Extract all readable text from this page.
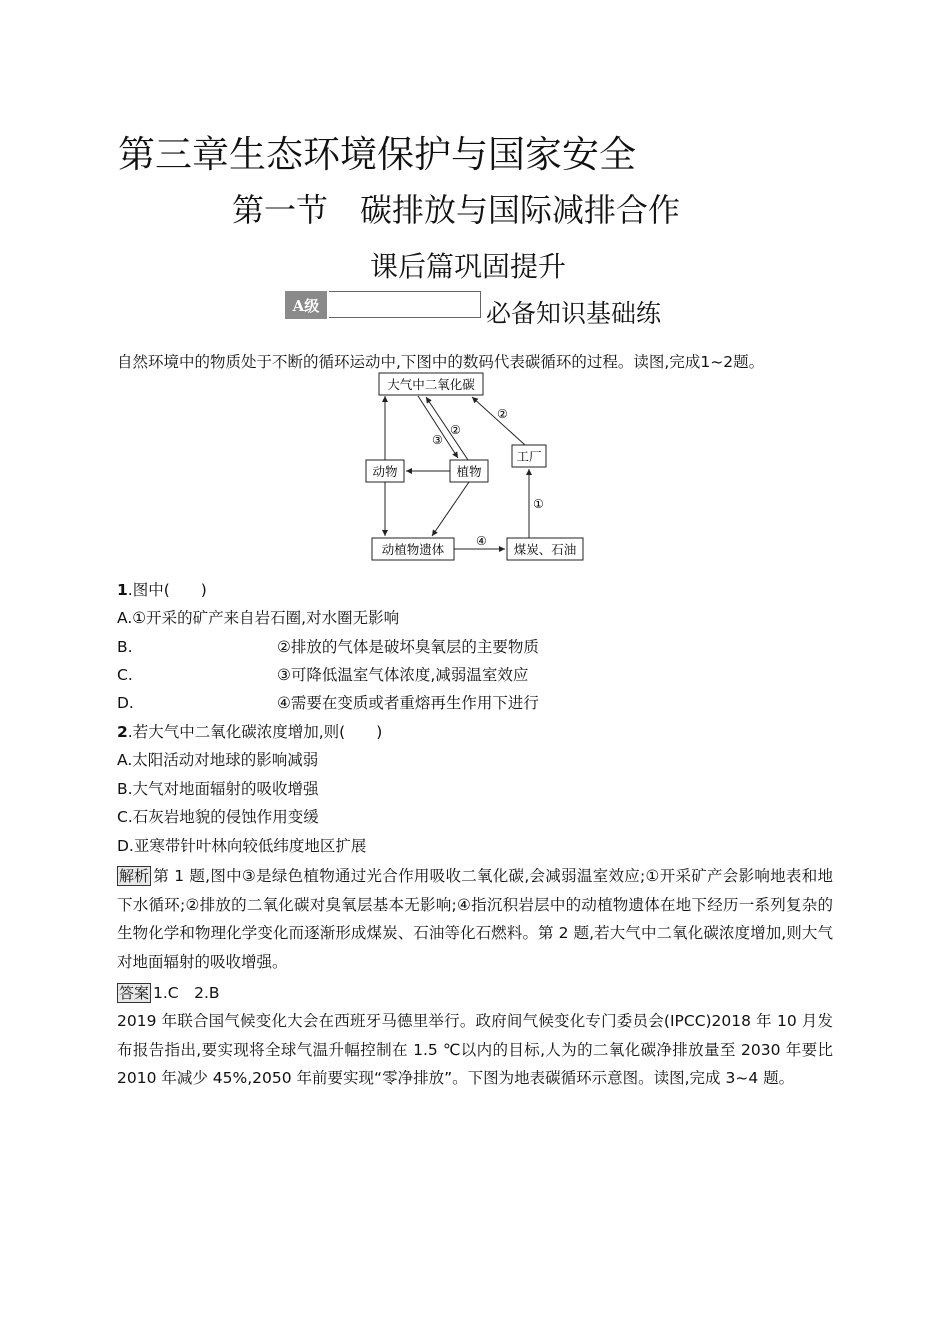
第三章生态环境保护与国家安全
第一节　碳排放与国际减排合作
课后篇巩固提升
A级	必备知识基础练
自然环境中的物质处于不断的循环运动中,下图中的数码代表碳循环的过程。读图,完成1~2题。
大气中二氧化碳
动物	植物
工厂
动植物遗体	煤炭、石油
③
②
②
①
④
1.图中(　　)
A.①开采的矿产来自岩石圈,对水圈无影响
B.	②排放的气体是破坏臭氧层的主要物质
C.	③可降低温室气体浓度,减弱温室效应
D.	④需要在变质或者重熔再生作用下进行
2.若大气中二氧化碳浓度增加,则(　　)
A.太阳活动对地球的影响减弱
B.大气对地面辐射的吸收增强
C.石灰岩地貌的侵蚀作用变缓
D.亚寒带针叶林向较低纬度地区扩展
解析 第 1 题,图中③是绿色植物通过光合作用吸收二氧化碳,会减弱温室效应;①开采矿产会影响地表和地下水循环;②排放的二氧化碳对臭氧层基本无影响;④指沉积岩层中的动植物遗体在地下经历一系列复杂的生物化学和物理化学变化而逐渐形成煤炭、石油等化石燃料。第 2 题,若大气中二氧化碳浓度增加,则大气对地面辐射的吸收增强。
答案 1.C　2.B
2019 年联合国气候变化大会在西班牙马德里举行。政府间气候变化专门委员会(IPCC)2018 年 10 月发布报告指出,要实现将全球气温升幅控制在 1.5 ℃以内的目标,人为的二氧化碳净排放量至 2030 年要比 2010 年减少 45%,2050 年前要实现“零净排放”。下图为地表碳循环示意图。读图,完成 3~4 题。
